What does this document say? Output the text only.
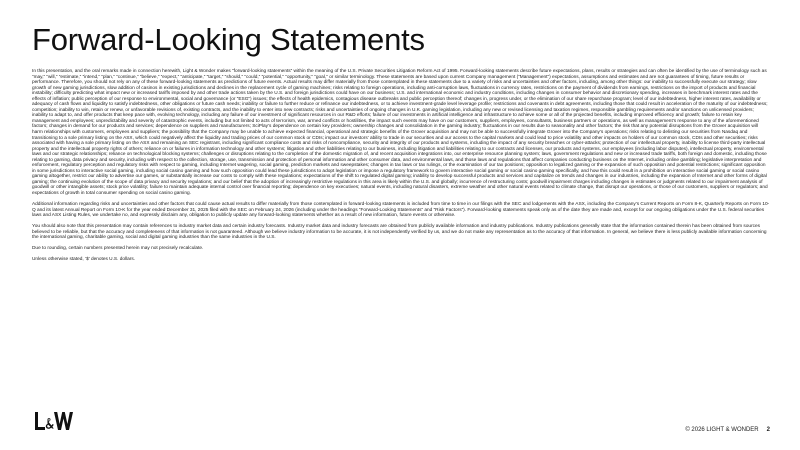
Forward-Looking Statements

In this presentation, and the oral remarks made in connection herewith, Light & Wonder makes “forward-looking statements” within the meaning of the U.S. Private Securities Litigation Reform Act of 1995. Forward-looking statements describe future expectations, plans, results or strategies and can often be identified by the use of terminology such as “may,” “will,” “estimate,” “intend,” “plan,” “continue,” “believe,” “expect,” “anticipate,” “target,” “should,” “could,” “potential,” “opportunity,” “goal,” or similar terminology. These statements are based upon current Company management (“Management”) expectations, assumptions and estimates and are not guarantees of timing, future results or performance. Therefore, you should not rely on any of these forward-looking statements as predictions of future events. Actual results may differ materially from those contemplated in these statements due to a variety of risks and uncertainties and other factors, including, among other things: our inability to successfully execute our strategy; slow growth of new gaming jurisdictions, slow addition of casinos in existing jurisdictions and declines in the replacement cycle of gaming machines; risks relating to foreign operations, including anti-corruption laws, fluctuations in currency rates, restrictions on the payment of dividends from earnings, restrictions on the import of products and financial instability; difficulty predicting what impact new or increased tariffs imposed by and other trade actions taken by the U.S. and foreign jurisdictions could have on our business; U.S. and international economic and industry conditions, including changes in consumer behavior and discretionary spending, increases in benchmark interest rates and the effects of inflation; public perception of our response to environmental, social and governance (or “ESG”) issues; the effects of health epidemics, contagious disease outbreaks and public perception thereof; changes in, progress under, or the elimination of our share repurchase program; level of our indebtedness, higher interest rates, availability or adequacy of cash flows and liquidity to satisfy indebtedness, other obligations or future cash needs; inability or failure to further reduce or refinance our indebtedness, or to achieve investment-grade level leverage profile; restrictions and covenants in debt agreements, including those that could result in acceleration of the maturity of our indebtedness; competition; inability to win, retain or renew, or unfavorable revisions of, existing contracts, and the inability to enter into new contracts; risks and uncertainties of ongoing changes in U.K. gaming legislation, including any new or revised licensing and taxation regimes, responsible gambling requirements and/or sanctions on unlicensed providers; inability to adapt to, and offer products that keep pace with, evolving technology, including any failure of our investment of significant resources in our R&D efforts; failure of our investments in artificial intelligence and infrastructure to achieve some or all of the projected benefits, including improved efficiency and growth; failure to retain key management and employees; unpredictability and severity of catastrophic events, including but not limited to acts of terrorism, war, armed conflicts or hostilities, the impact such events may have on our customers, suppliers, employees, consultants, business partners or operations, as well as management’s response to any of the aforementioned factors; changes in demand for our products and services; dependence on suppliers and manufacturers; SciPlay’s dependence on certain key providers; ownership changes and consolidation in the gaming industry; fluctuations in our results due to seasonality and other factors; the risk that any potential disruptions from the Grover acquisition will harm relationships with customers, employees and suppliers; the possibility that the Company may be unable to achieve expected financial, operational and strategic benefits of the Grover acquisition and may not be able to successfully integrate Grover into the Company’s operations; risks relating to delisting our securities from Nasdaq and transitioning to a sole primary listing on the ASX, which could negatively affect the liquidity and trading prices of our common stock or CDIs; impact our investors’ ability to trade in our securities and our access to the capital markets and could lead to price volatility and other impacts on holders of our common stock, CDIs and other securities; risks associated with having a sole primary listing on the ASX and remaining an SEC registrant, including significant compliance costs and risks of noncompliance, security and integrity of our products and systems, including the impact of any security breaches or cyber-attacks; protection of our intellectual property, inability to license third-party intellectual property and the intellectual property rights of others; reliance on or failures in information technology and other systems; litigation and other liabilities relating to our business, including litigation and liabilities relating to our contracts and licenses, our products and systems, our employees (including labor disputes), intellectual property, environmental laws and our strategic relationships; reliance on technological blocking systems; challenges or disruptions relating to the completion of the domestic migration of, and recent acquisition integrations into, our enterprise resource planning system; laws, government regulations and new or increased trade tariffs, both foreign and domestic, including those relating to gaming, data privacy and security, including with respect to the collection, storage, use, transmission and protection of personal information and other consumer data, and environmental laws, and those laws and regulations that affect companies conducting business on the Internet, including online gambling; legislative interpretation and enforcement, regulatory perception and regulatory risks with respect to gaming, including Internet wagering, social gaming, prediction markets and sweepstakes; changes in tax laws or tax rulings, or the examination of our tax positions; opposition to legalized gaming or the expansion of such opposition and potential restrictions; significant opposition in some jurisdictions to interactive social gaming, including social casino gaming and how such opposition could lead these jurisdictions to adopt legislation or impose a regulatory framework to govern interactive social gaming or social casino gaming specifically, and how this could result in a prohibition on interactive social gaming or social casino gaming altogether, restrict our ability to advertise our games, or substantially increase our costs to comply with these regulations; expectations of the shift to regulated digital gaming; inability to develop successful products and services and capitalize on trends and changes in our industries, including the expansion of Internet and other forms of digital gaming; the continuing evolution of the scope of data privacy and security regulations; and our belief that the adoption of increasingly restrictive regulations in this area is likely within the U.S. and globally; incurrence of restructuring costs; goodwill impairment charges including changes in estimates or judgments related to our impairment analysis of goodwill or other intangible assets; stock price volatility; failure to maintain adequate internal control over financial reporting; dependence on key executives; natural events, including natural disasters, extreme weather and other natural events related to climate change, that disrupt our operations, or those of our customers, suppliers or regulators; and expectations of growth in total consumer spending on social casino gaming.

Additional information regarding risks and uncertainties and other factors that could cause actual results to differ materially from those contemplated in forward-looking statements is included from time to time in our filings with the SEC and lodgements with the ASX, including the Company’s Current Reports on Form 8-K, Quarterly Reports on Form 10-Q and its latest Annual Report on Form 10-K for the year ended December 31, 2025 filed with the SEC on February 24, 2026 (including under the headings “Forward-Looking Statements” and “Risk Factors”). Forward-looking statements speak only as of the date they are made and, except for our ongoing obligations under the U.S. federal securities laws and ASX Listing Rules, we undertake no, and expressly disclaim any, obligation to publicly update any forward-looking statements whether as a result of new information, future events or otherwise.

You should also note that this presentation may contain references to industry market data and certain industry forecasts. Industry market data and industry forecasts are obtained from publicly available information and industry publications. Industry publications generally state that the information contained therein has been obtained from sources believed to be reliable, but that the accuracy and completeness of that information is not guaranteed. Although we believe industry information to be accurate, it is not independently verified by us, and we do not make any representation as to the accuracy of that information. In general, we believe there is less publicly available information concerning the international gaming, charitable gaming, social and digital gaming industries than the same industries in the U.S.

Due to rounding, certain numbers presented herein may not precisely recalculate.

Unless otherwise stated, ‘$’ denotes U.S. dollars.

© 2026 LIGHT & WONDER 2
